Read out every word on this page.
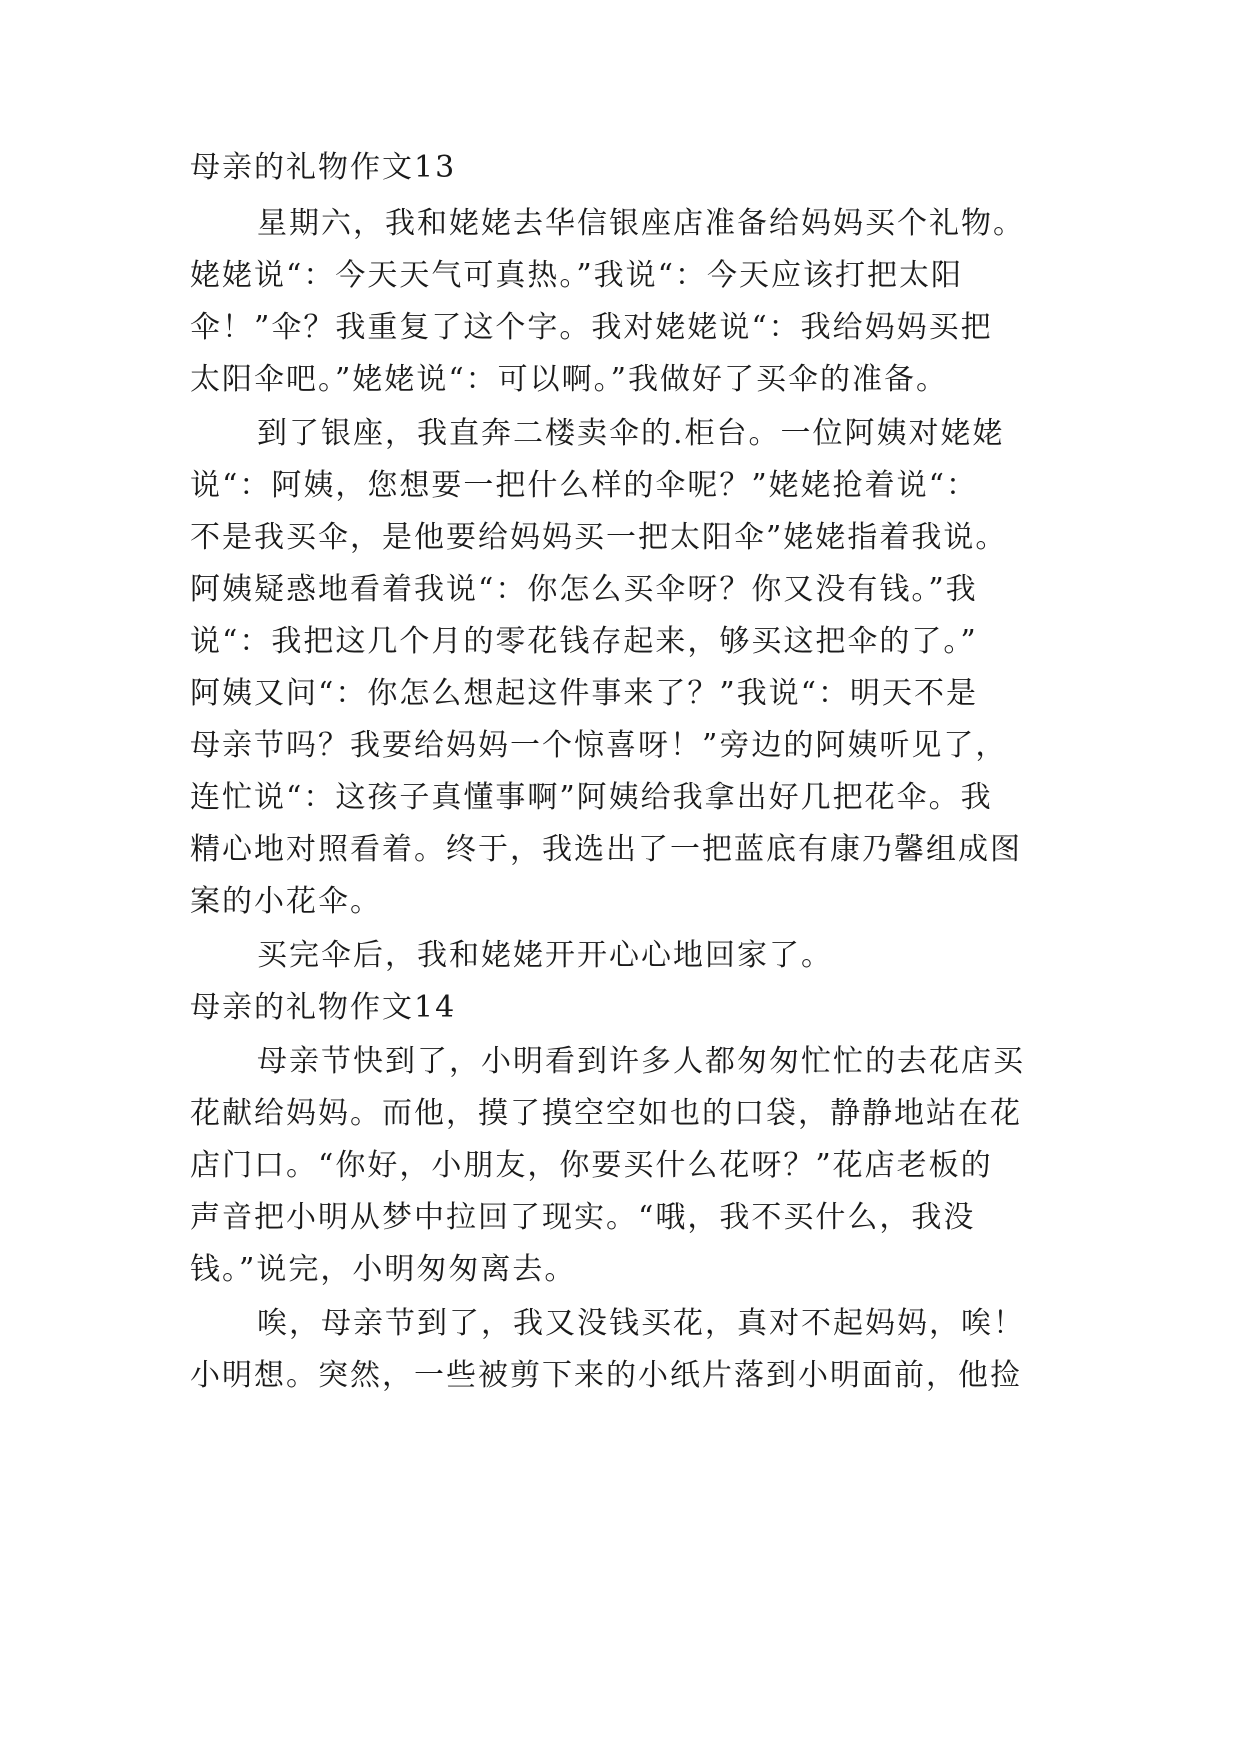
母亲的礼物作文13
星期六，我和姥姥去华信银座店准备给妈妈买个礼物。
姥姥说“：今天天气可真热。”我说“：今天应该打把太阳
伞！”伞？我重复了这个字。我对姥姥说“：我给妈妈买把
太阳伞吧。”姥姥说“：可以啊。”我做好了买伞的准备。
到了银座，我直奔二楼卖伞的.柜台。一位阿姨对姥姥
说“：阿姨，您想要一把什么样的伞呢？”姥姥抢着说“：
不是我买伞，是他要给妈妈买一把太阳伞”姥姥指着我说。
阿姨疑惑地看着我说“：你怎么买伞呀？你又没有钱。”我
说“：我把这几个月的零花钱存起来，够买这把伞的了。”
阿姨又问“：你怎么想起这件事来了？”我说“：明天不是
母亲节吗？我要给妈妈一个惊喜呀！”旁边的阿姨听见了，
连忙说“：这孩子真懂事啊”阿姨给我拿出好几把花伞。我
精心地对照看着。终于，我选出了一把蓝底有康乃馨组成图
案的小花伞。
买完伞后，我和姥姥开开心心地回家了。
母亲的礼物作文14
母亲节快到了，小明看到许多人都匆匆忙忙的去花店买
花献给妈妈。而他，摸了摸空空如也的口袋，静静地站在花
店门口。“你好，小朋友，你要买什么花呀？”花店老板的
声音把小明从梦中拉回了现实。“哦，我不买什么，我没
钱。”说完，小明匆匆离去。
唉，母亲节到了，我又没钱买花，真对不起妈妈，唉！
小明想。突然，一些被剪下来的小纸片落到小明面前，他捡
